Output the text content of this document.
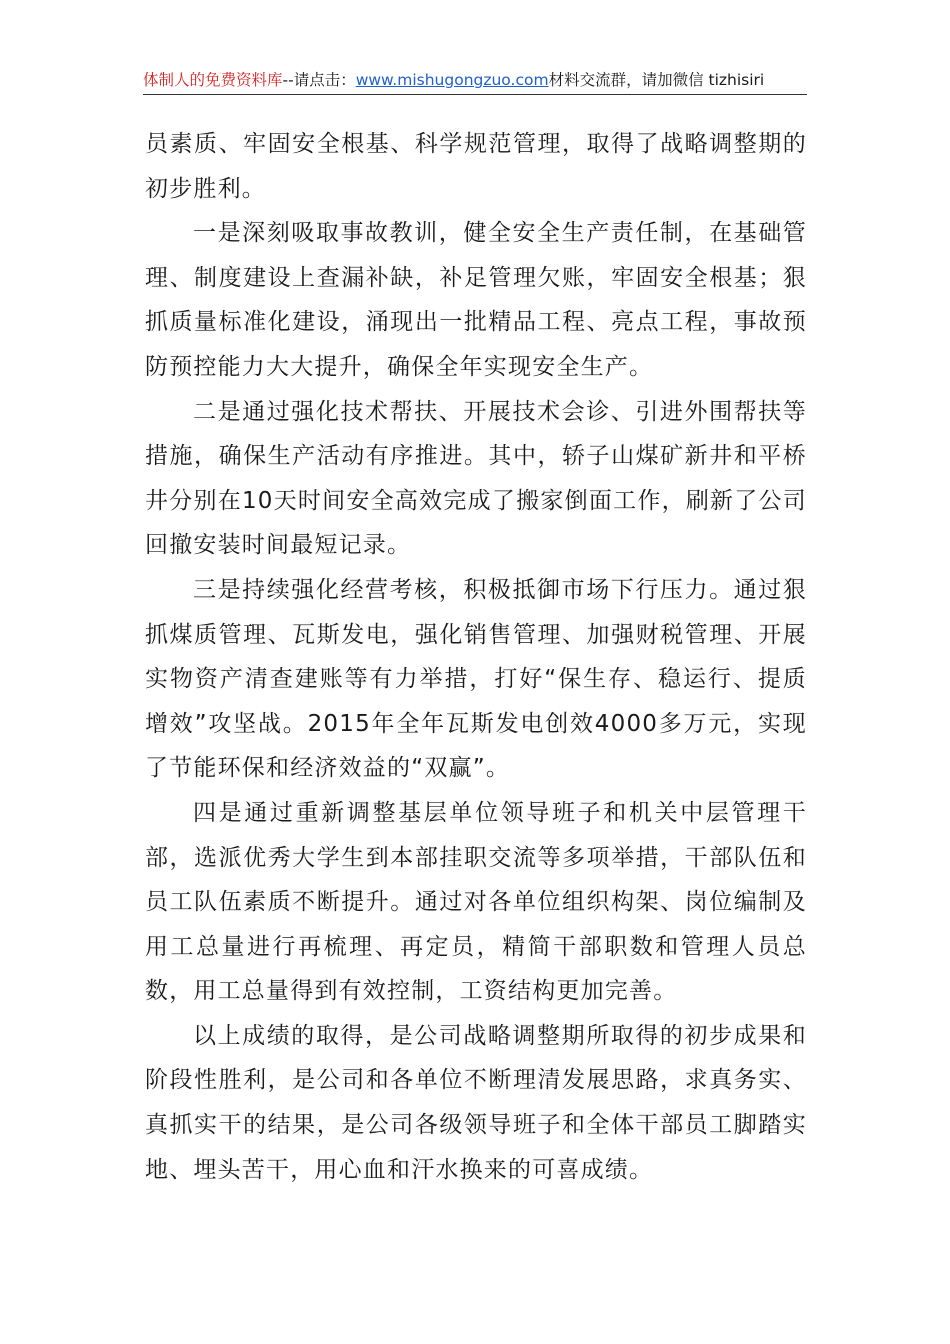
体制人的免费资料库--请点击：www.mishugongzuo.com材料交流群，请加微信 tizhisiri

员素质、牢固安全根基、科学规范管理，取得了战略调整期的初步胜利。

一是深刻吸取事故教训，健全安全生产责任制，在基础管理、制度建设上查漏补缺，补足管理欠账，牢固安全根基；狠抓质量标准化建设，涌现出一批精品工程、亮点工程，事故预防预控能力大大提升，确保全年实现安全生产。

二是通过强化技术帮扶、开展技术会诊、引进外围帮扶等措施，确保生产活动有序推进。其中，轿子山煤矿新井和平桥井分别在10天时间安全高效完成了搬家倒面工作，刷新了公司回撤安装时间最短记录。

三是持续强化经营考核，积极抵御市场下行压力。通过狠抓煤质管理、瓦斯发电，强化销售管理、加强财税管理、开展实物资产清查建账等有力举措，打好“保生存、稳运行、提质增效”攻坚战。2015年全年瓦斯发电创效4000多万元，实现了节能环保和经济效益的“双赢”。

四是通过重新调整基层单位领导班子和机关中层管理干部，选派优秀大学生到本部挂职交流等多项举措，干部队伍和员工队伍素质不断提升。通过对各单位组织构架、岗位编制及用工总量进行再梳理、再定员，精简干部职数和管理人员总数，用工总量得到有效控制，工资结构更加完善。

以上成绩的取得，是公司战略调整期所取得的初步成果和阶段性胜利，是公司和各单位不断理清发展思路，求真务实、真抓实干的结果，是公司各级领导班子和全体干部员工脚踏实地、埋头苦干，用心血和汗水换来的可喜成绩。
